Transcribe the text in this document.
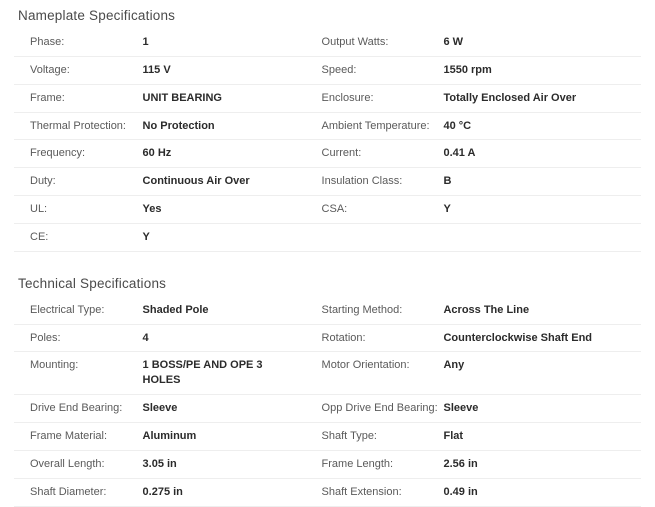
Nameplate Specifications
Phase:	1	Output Watts:	6 W
Voltage:	115 V	Speed:	1550 rpm
Frame:	UNIT BEARING	Enclosure:	Totally Enclosed Air Over
Thermal Protection:	No Protection	Ambient Temperature:	40 °C
Frequency:	60 Hz	Current:	0.41 A
Duty:	Continuous Air Over	Insulation Class:	B
UL:	Yes	CSA:	Y
CE:	Y		
Technical Specifications
Electrical Type:	Shaded Pole	Starting Method:	Across The Line
Poles:	4	Rotation:	Counterclockwise Shaft End
Mounting:	1 BOSS/PE AND OPE 3 HOLES	Motor Orientation:	Any
Drive End Bearing:	Sleeve	Opp Drive End Bearing:	Sleeve
Frame Material:	Aluminum	Shaft Type:	Flat
Overall Length:	3.05 in	Frame Length:	2.56 in
Shaft Diameter:	0.275 in	Shaft Extension:	0.49 in
